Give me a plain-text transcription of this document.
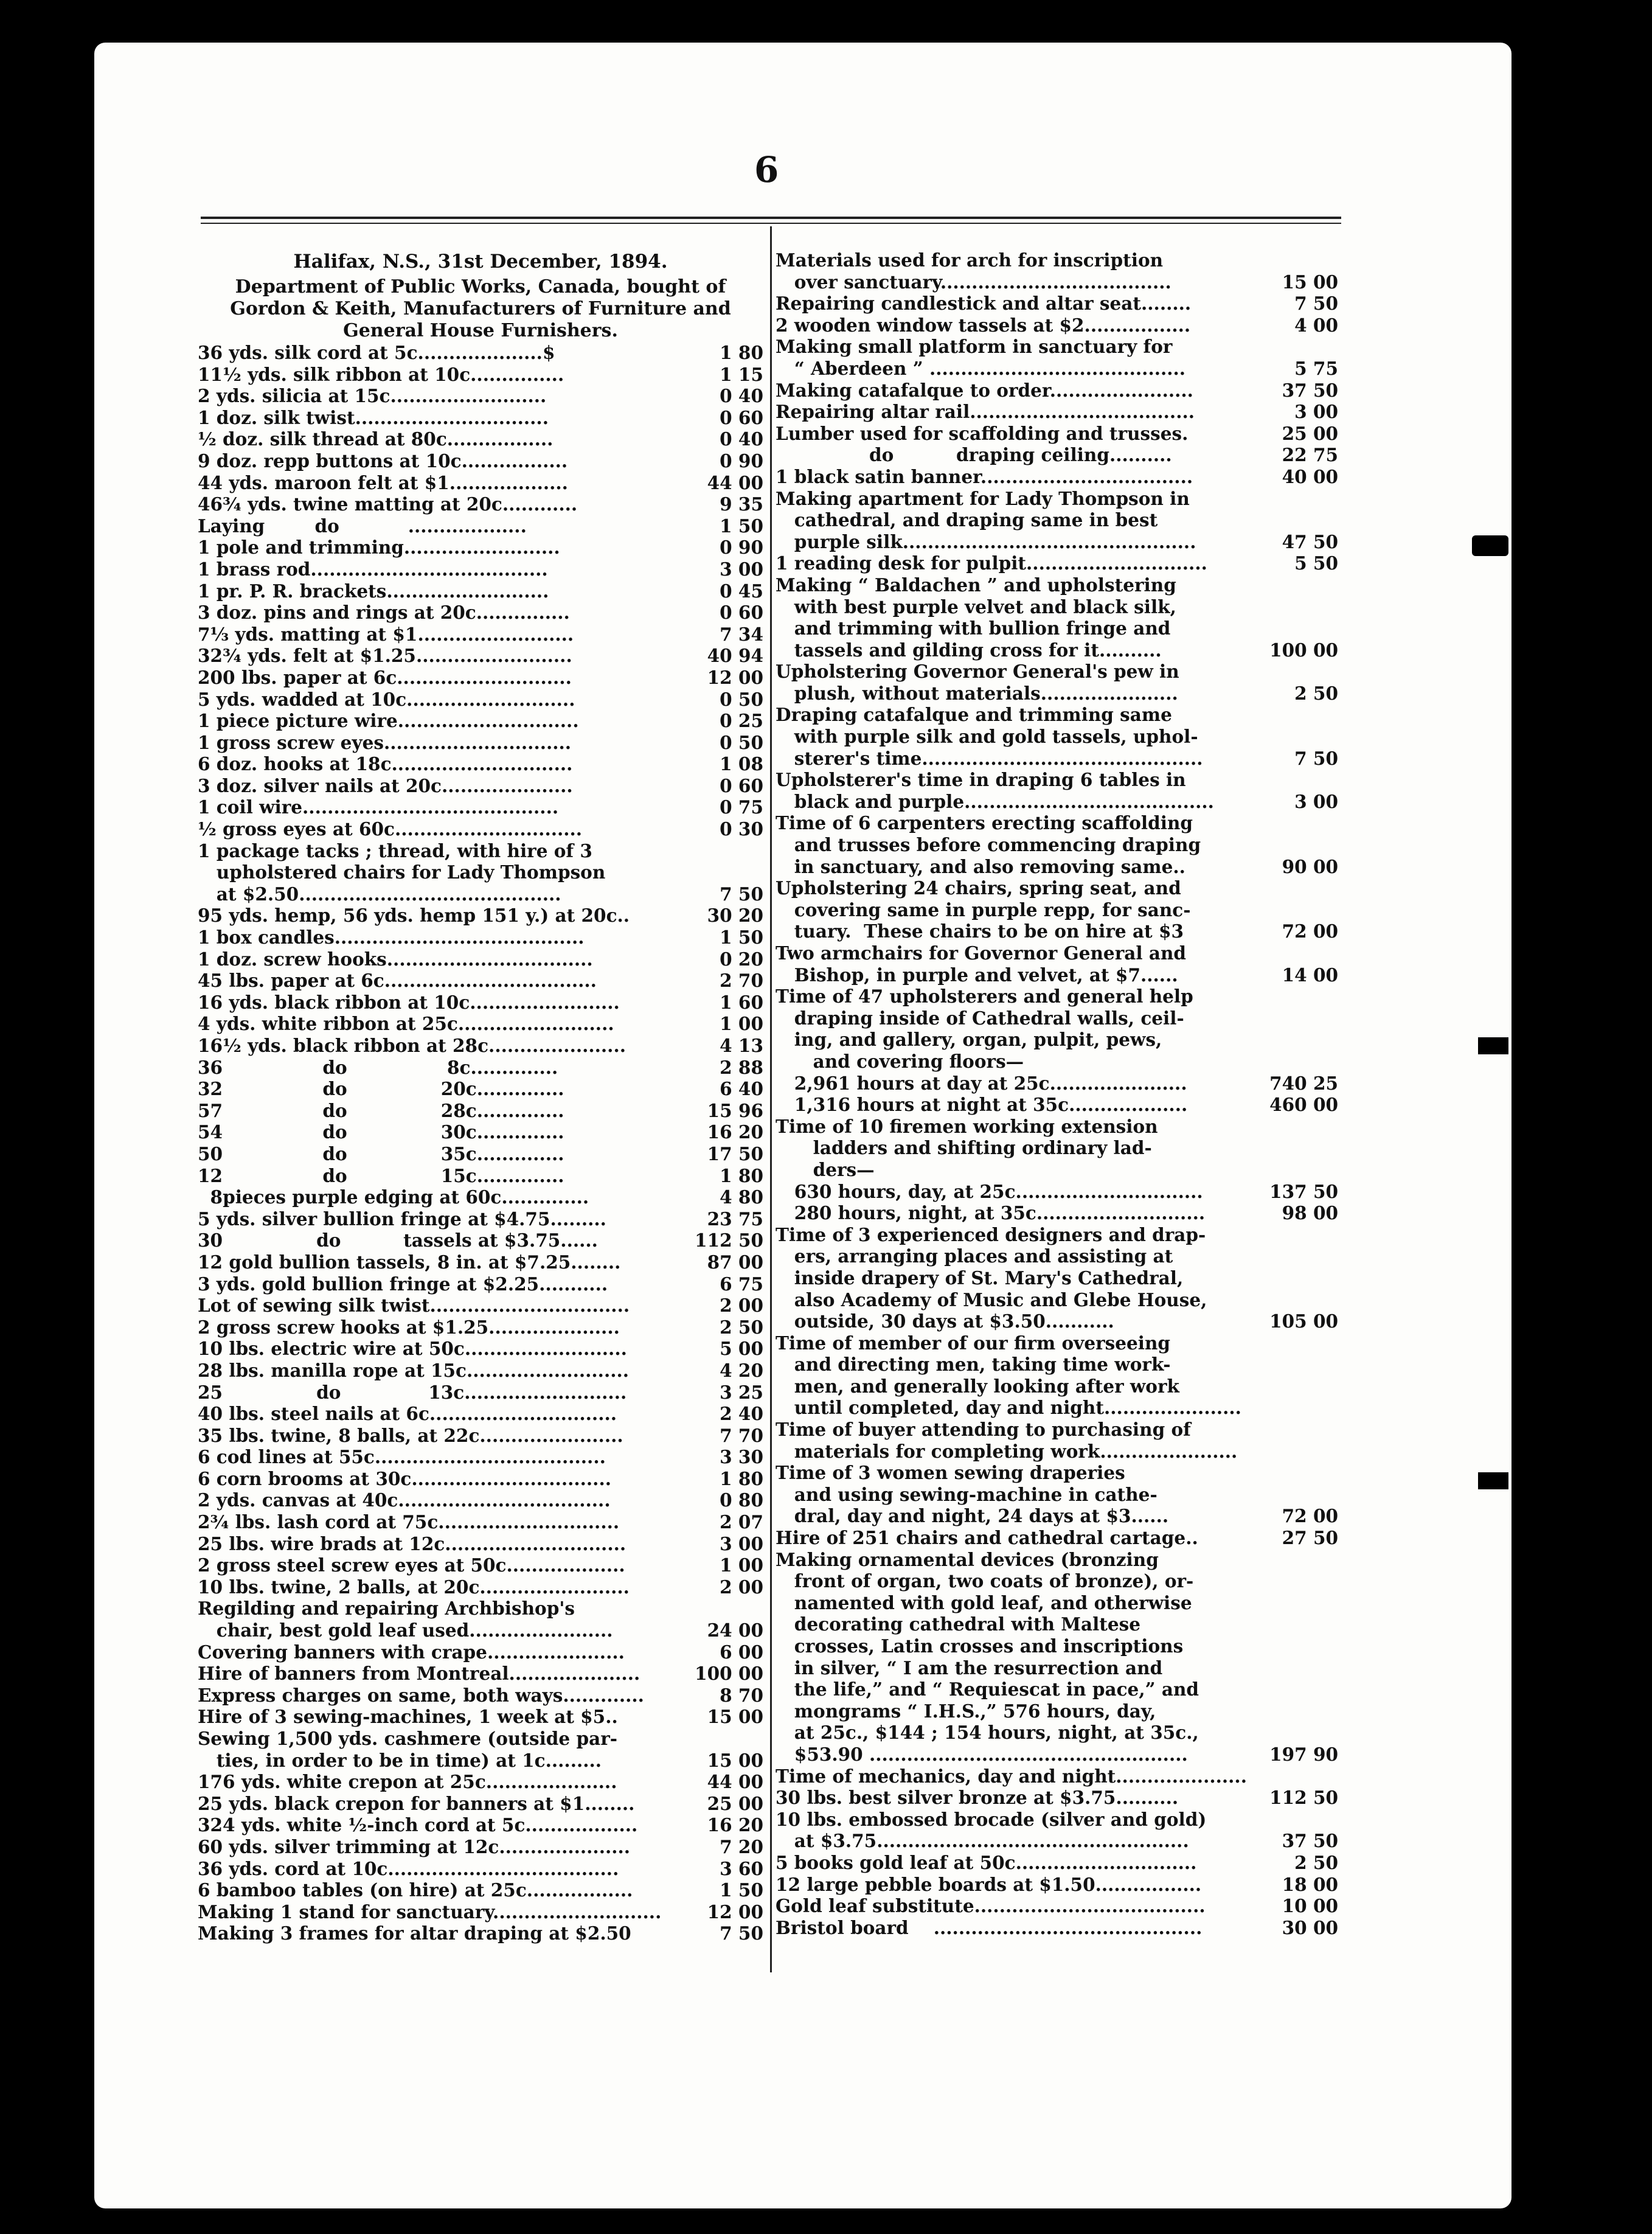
6
Halifax, N.S., 31st December, 1894.
Department of Public Works, Canada, bought of Gordon & Keith, Manufacturers of Furniture and General House Furnishers.
36 yds. silk cord at 5c....................$	1 80
11½ yds. silk ribbon at 10c...............	1 15
2 yds. silicia at 15c.........................	0 40
1 doz. silk twist...............................	0 60
½ doz. silk thread at 80c.................	0 40
9 doz. repp buttons at 10c.................	0 90
44 yds. maroon felt at $1...................	44 00
46¾ yds. twine matting at 20c............	9 35
Laying        do           ...................	1 50
1 pole and trimming.........................	0 90
1 brass rod......................................	3 00
1 pr. P. R. brackets..........................	0 45
3 doz. pins and rings at 20c...............	0 60
7⅓ yds. matting at $1.........................	7 34
32¾ yds. felt at $1.25.........................	40 94
200 lbs. paper at 6c............................	12 00
5 yds. wadded at 10c...........................	0 50
1 piece picture wire.............................	0 25
1 gross screw eyes..............................	0 50
6 doz. hooks at 18c.............................	1 08
3 doz. silver nails at 20c.....................	0 60
1 coil wire.........................................	0 75
½ gross eyes at 60c..............................	0 30
1 package tacks ; thread, with hire of 3
upholstered chairs for Lady Thompson
at $2.50..........................................	7 50
95 yds. hemp, 56 yds. hemp 151 y.) at 20c..	30 20
1 box candles........................................	1 50
1 doz. screw hooks.................................	0 20
45 lbs. paper at 6c..................................	2 70
16 yds. black ribbon at 10c........................	1 60
4 yds. white ribbon at 25c.........................	1 00
16½ yds. black ribbon at 28c......................	4 13
36                do                8c..............	2 88
32                do               20c..............	6 40
57                do               28c..............	15 96
54                do               30c..............	16 20
50                do               35c..............	17 50
12                do               15c..............	1 80
8pieces purple edging at 60c..............	4 80
5 yds. silver bullion fringe at $4.75.........	23 75
30               do          tassels at $3.75......	112 50
12 gold bullion tassels, 8 in. at $7.25........	87 00
3 yds. gold bullion fringe at $2.25...........	6 75
Lot of sewing silk twist................................	2 00
2 gross screw hooks at $1.25.....................	2 50
10 lbs. electric wire at 50c..........................	5 00
28 lbs. manilla rope at 15c..........................	4 20
25               do              13c..........................	3 25
40 lbs. steel nails at 6c..............................	2 40
35 lbs. twine, 8 balls, at 22c.......................	7 70
6 cod lines at 55c.....................................	3 30
6 corn brooms at 30c................................	1 80
2 yds. canvas at 40c..................................	0 80
2¾ lbs. lash cord at 75c.............................	2 07
25 lbs. wire brads at 12c.............................	3 00
2 gross steel screw eyes at 50c...................	1 00
10 lbs. twine, 2 balls, at 20c........................	2 00
Regilding and repairing Archbishop's
chair, best gold leaf used.......................	24 00
Covering banners with crape......................	6 00
Hire of banners from Montreal.....................	100 00
Express charges on same, both ways.............	8 70
Hire of 3 sewing-machines, 1 week at $5..	15 00
Sewing 1,500 yds. cashmere (outside par-
ties, in order to be in time) at 1c.........	15 00
176 yds. white crepon at 25c.....................	44 00
25 yds. black crepon for banners at $1........	25 00
324 yds. white ½-inch cord at 5c..................	16 20
60 yds. silver trimming at 12c.....................	7 20
36 yds. cord at 10c.....................................	3 60
6 bamboo tables (on hire) at 25c.................	1 50
Making 1 stand for sanctuary...........................	12 00
Making 3 frames for altar draping at $2.50	7 50
Materials used for arch for inscription
over sanctuary.....................................	15 00
Repairing candlestick and altar seat........	7 50
2 wooden window tassels at $2.................	4 00
Making small platform in sanctuary for
“ Aberdeen ” .........................................	5 75
Making catafalque to order.......................	37 50
Repairing altar rail....................................	3 00
Lumber used for scaffolding and trusses.	25 00
do          draping ceiling..........	22 75
1 black satin banner..................................	40 00
Making apartment for Lady Thompson in
cathedral, and draping same in best
purple silk...............................................	47 50
1 reading desk for pulpit.............................	5 50
Making “ Baldachen ” and upholstering
with best purple velvet and black silk,
and trimming with bullion fringe and
tassels and gilding cross for it..........	100 00
Upholstering Governor General's pew in
plush, without materials......................	2 50
Draping catafalque and trimming same
with purple silk and gold tassels, uphol-
sterer's time.............................................	7 50
Upholsterer's time in draping 6 tables in
black and purple........................................	3 00
Time of 6 carpenters erecting scaffolding
and trusses before commencing draping
in sanctuary, and also removing same..	90 00
Upholstering 24 chairs, spring seat, and
covering same in purple repp, for sanc-
tuary.  These chairs to be on hire at $3	72 00
Two armchairs for Governor General and
Bishop, in purple and velvet, at $7......	14 00
Time of 47 upholsterers and general help
draping inside of Cathedral walls, ceil-
ing, and gallery, organ, pulpit, pews,
and covering floors—
2,961 hours at day at 25c......................	740 25
1,316 hours at night at 35c...................	460 00
Time of 10 firemen working extension
ladders and shifting ordinary lad-
ders—
630 hours, day, at 25c..............................	137 50
280 hours, night, at 35c...........................	98 00
Time of 3 experienced designers and drap-
ers, arranging places and assisting at
inside drapery of St. Mary's Cathedral,
also Academy of Music and Glebe House,
outside, 30 days at $3.50...........	105 00
Time of member of our firm overseeing
and directing men, taking time work-
men, and generally looking after work
until completed, day and night......................
Time of buyer attending to purchasing of
materials for completing work......................
Time of 3 women sewing draperies
and using sewing-machine in cathe-
dral, day and night, 24 days at $3......	72 00
Hire of 251 chairs and cathedral cartage..	27 50
Making ornamental devices (bronzing
front of organ, two coats of bronze), or-
namented with gold leaf, and otherwise
decorating cathedral with Maltese
crosses, Latin crosses and inscriptions
in silver, “ I am the resurrection and
the life,” and “ Requiescat in pace,” and
mongrams “ I.H.S.,” 576 hours, day,
at 25c., $144 ; 154 hours, night, at 35c.,
$53.90 ...................................................	197 90
Time of mechanics, day and night.....................
30 lbs. best silver bronze at $3.75..........	112 50
10 lbs. embossed brocade (silver and gold)
at $3.75..................................................	37 50
5 books gold leaf at 50c.............................	2 50
12 large pebble boards at $1.50.................	18 00
Gold leaf substitute.....................................	10 00
Bristol board    ...........................................	30 00
